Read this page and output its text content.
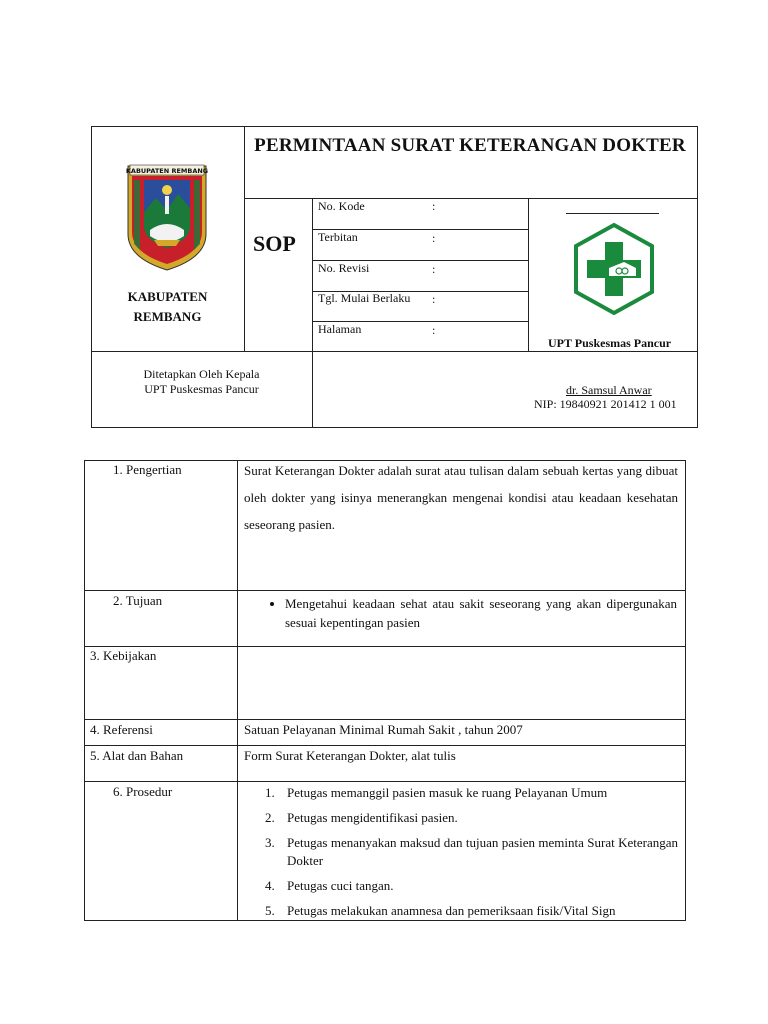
KABUPATEN REMBANG
KABUPATEN
REMBANG
PERMINTAAN SURAT KETERANGAN DOKTER
SOP
No. Kode	:
Terbitan	:
No. Revisi	:
Tgl. Mulai Berlaku :
Halaman	:
UPT Puskesmas Pancur
Ditetapkan Oleh Kepala
UPT Puskesmas Pancur	dr. Samsul Anwar
NIP: 19840921 201412 1 001
1. Pengertian	Surat Keterangan Dokter adalah surat atau tulisan dalam sebuah kertas yang dibuat oleh dokter yang isinya menerangkan mengenai kondisi atau keadaan kesehatan seseorang pasien.
2. Tujuan
•	Mengetahui keadaan sehat atau sakit seseorang yang akan dipergunakan sesuai kepentingan pasien
3. Kebijakan
4. Referensi	Satuan Pelayanan Minimal Rumah Sakit , tahun 2007
5. Alat dan Bahan	Form Surat Keterangan Dokter, alat tulis
6. Prosedur	1. Petugas memanggil pasien masuk ke ruang Pelayanan Umum
2. Petugas mengidentifikasi pasien.
3. Petugas menanyakan maksud dan tujuan pasien meminta Surat Keterangan Dokter
4. Petugas cuci tangan.
5. Petugas melakukan anamnesa dan pemeriksaan fisik/Vital Sign
